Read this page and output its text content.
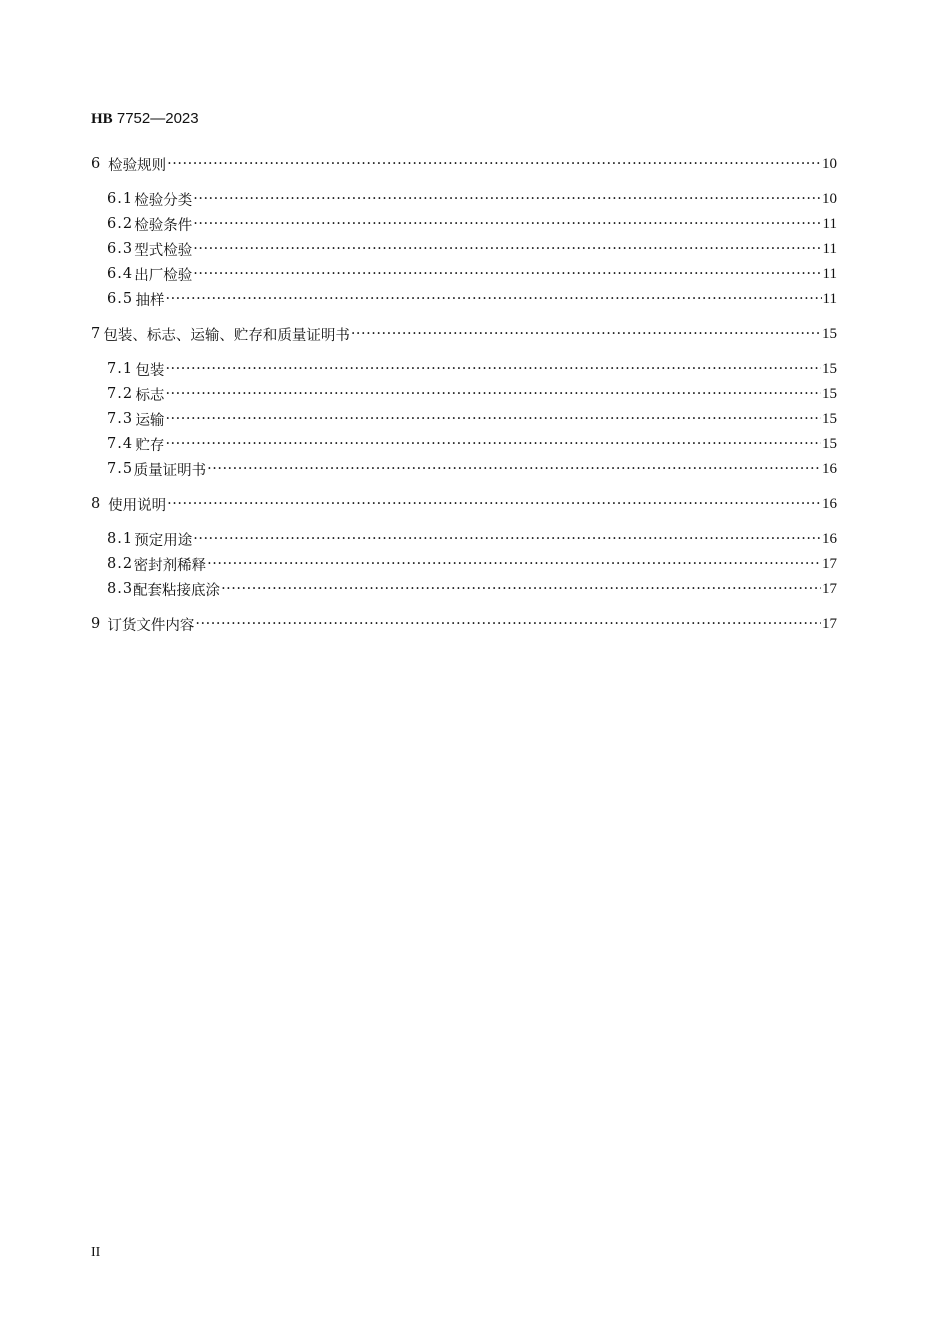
HB 7752—2023
6 检验规则 ·····	10
6.1 检验分类 ·····	10
6.2 检验条件 ·····	11
6.3 型式检验 ·····	11
6.4 出厂检验 ·····	11
6.5 抽样 ·····	11
7 包装、标志、运输、贮存和质量证明书 ·····	15
7.1 包装 ·····	15
7.2 标志 ·····	15
7.3 运输 ·····	15
7.4 贮存 ·····	15
7.5 质量证明书 ·····	16
8 使用说明 ·····	16
8.1 预定用途 ·····	16
8.2 密封剂稀释 ·····	17
8.3 配套粘接底涂 ·····	17
9 订货文件内容 ·····	17
II
